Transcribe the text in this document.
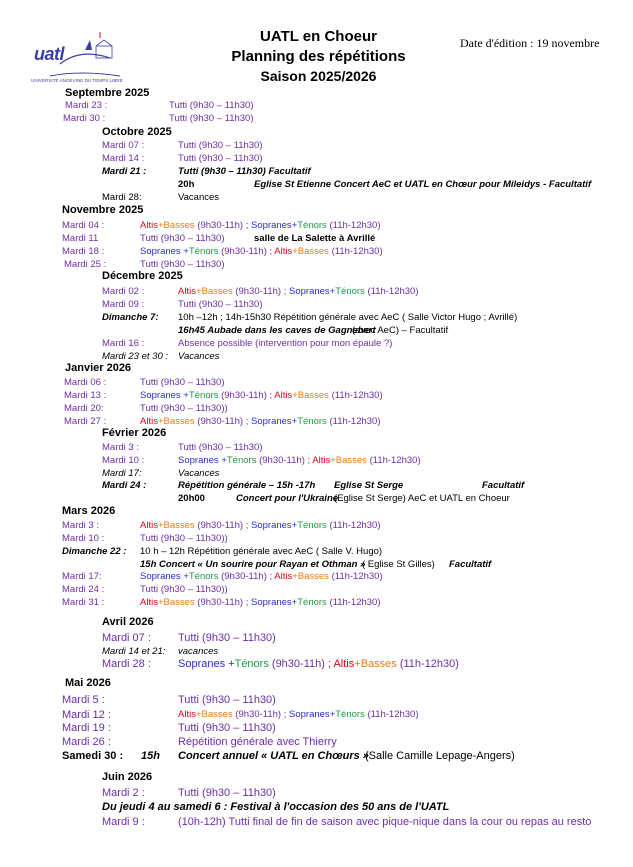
uatl
UNIVERSITÉ ANGEVINE DU TEMPS LIBRE
UATL en Choeur
Planning des répétitions
Saison 2025/2026
Date d'édition : 19 novembre
Septembre 2025
Octobre 2025
Novembre 2025
Décembre 2025
Janvier 2026
Février 2026
Mars 2026
Avril 2026
Mai 2026
Juin 2026
Mardi 23 :	Tutti (9h30 – 11h30)
Mardi 30 :	Tutti (9h30 – 11h30)
Mardi 07 :	Tutti (9h30 – 11h30)
Mardi 14 :	Tutti (9h30 – 11h30)
Mardi 21 :	Tutti (9h30 – 11h30) Facultatif
20h	Eglise St Etienne Concert AeC et UATL en Chœur pour Mileidys - Facultatif
Mardi 28:	Vacances
Mardi 04 :	Altis+Basses (9h30-11h) ; Sopranes+Ténors (11h-12h30)
Mardi 11	Tutti (9h30 – 11h30)	salle de La Salette à Avrillé
Mardi 18 :	Sopranes +Ténors (9h30-11h) ; Altis+Basses (11h-12h30)
Mardi 25 :	Tutti (9h30 – 11h30)
Mardi 02 :	Altis+Basses (9h30-11h) ; Sopranes+Ténors (11h-12h30)
Mardi 09 :	Tutti (9h30 – 11h30)
Dimanche 7: 10h –12h ; 14h-15h30 Répétition générale avec AeC ( Salle Victor Hugo ; Avrillé)
16h45 Aubade dans les caves de Gagnebert
(avec AeC) – Facultatif
Mardi 16 :	Absence possible (intervention pour mon épaule ?)
Mardi 23 et 30 : Vacances
Mardi 06 :	Tutti (9h30 – 11h30)
Mardi 13 :	Sopranes +Ténors (9h30-11h) ; Altis+Basses (11h-12h30)
Mardi 20:	Tutti (9h30 – 11h30))
Mardi 27 :	Altis+Basses (9h30-11h) ; Sopranes+Ténors (11h-12h30)
Mardi 3 :	Tutti (9h30 – 11h30)
Mardi 10 :	Sopranes +Ténors (9h30-11h) ; Altis+Basses (11h-12h30)
Mardi 17:	Vacances
Mardi 24 :	Répétition générale – 15h -17h Eglise St Serge	Facultatif
20h00	Concert pour l'Ukraine
(Eglise St Serge) AeC et UATL en Choeur
Mardi 3 :	Altis+Basses (9h30-11h) ; Sopranes+Ténors (11h-12h30)
Mardi 10 :	Tutti (9h30 – 11h30))
Dimanche 22 : 10 h – 12h Répétition générale avec AeC ( Salle V. Hugo)
15h Concert « Un sourire pour Rayan et Othman »
( Eglise St Gilles) Facultatif
Mardi 17:	Sopranes +Ténors (9h30-11h) ; Altis+Basses (11h-12h30)
Mardi 24 :	Tutti (9h30 – 11h30))
Mardi 31 :	Altis+Basses (9h30-11h) ; Sopranes+Ténors (11h-12h30)
Mardi 07 : Tutti (9h30 – 11h30)
Mardi 14 et 21: vacances
Mardi 28 : Sopranes +Ténors (9h30-11h) ; Altis+Basses (11h-12h30)
Mardi 5 :	Tutti (9h30 – 11h30)
Mardi 12 :	Altis+Basses (9h30-11h) ; Sopranes+Ténors (11h-12h30)
Mardi 19 :	Tutti (9h30 – 11h30)
Mardi 26 :	Répétition générale avec Thierry
Samedi 30 : 15h Concert annuel « UATL en Chœurs »
(Salle Camille Lepage-Angers)
Mardi 2 :	Tutti (9h30 – 11h30)
Du jeudi 4 au samedi 6 : Festival à l'occasion des 50 ans de l'UATL
Mardi 9 :	(10h-12h) Tutti final de fin de saison avec pique-nique dans la cour ou repas au resto
